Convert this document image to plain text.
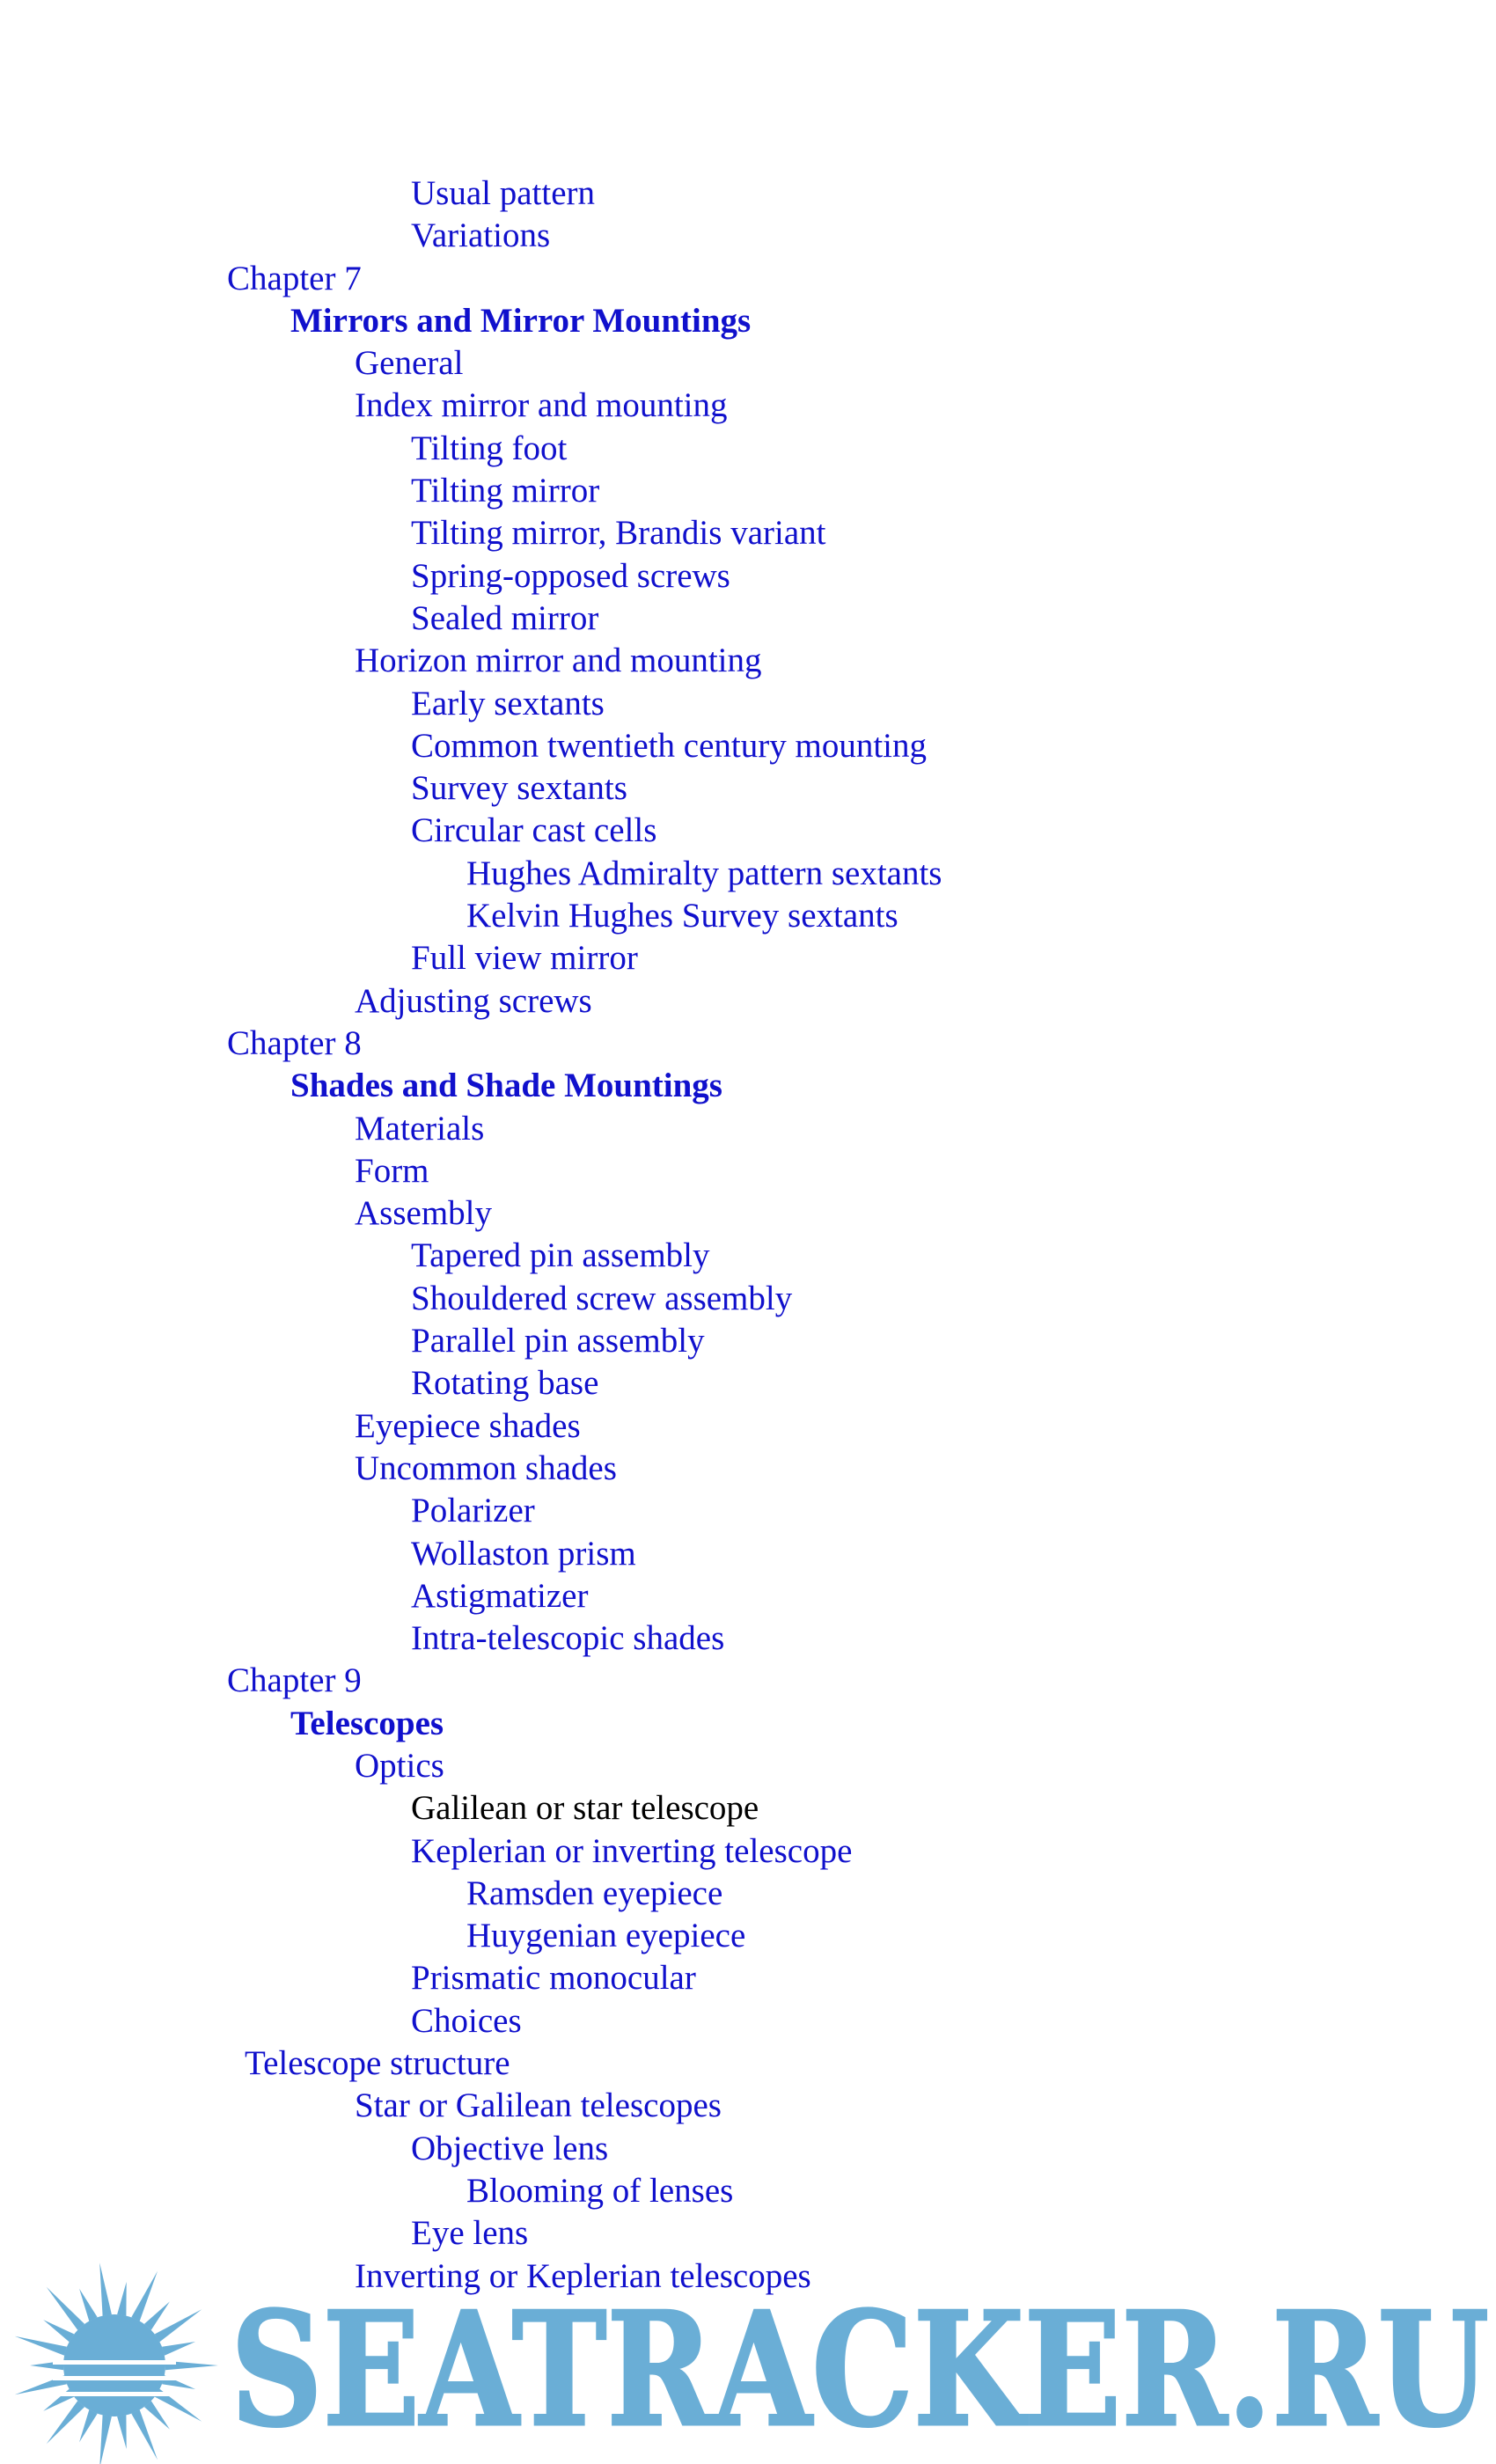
Usual pattern
Variations
Chapter 7
Mirrors and Mirror Mountings
General
Index mirror and mounting
Tilting foot
Tilting mirror
Tilting mirror, Brandis variant
Spring-opposed screws
Sealed mirror
Horizon mirror and mounting
Early sextants
Common twentieth century mounting
Survey sextants
Circular cast cells
Hughes Admiralty pattern sextants
Kelvin Hughes Survey sextants
Full view mirror
Adjusting screws
Chapter 8
Shades and Shade Mountings
Materials
Form
Assembly
Tapered pin assembly
Shouldered screw assembly
Parallel pin assembly
Rotating base
Eyepiece shades
Uncommon shades
Polarizer
Wollaston prism
Astigmatizer
Intra-telescopic shades
Chapter 9
Telescopes
Optics
Galilean or star telescope
Keplerian or inverting telescope
Ramsden eyepiece
Huygenian eyepiece
Prismatic monocular
Choices
Telescope structure
Star or Galilean telescopes
Objective lens
Blooming of lenses
Eye lens
Inverting or Keplerian telescopes
SEATRACKER.RU
